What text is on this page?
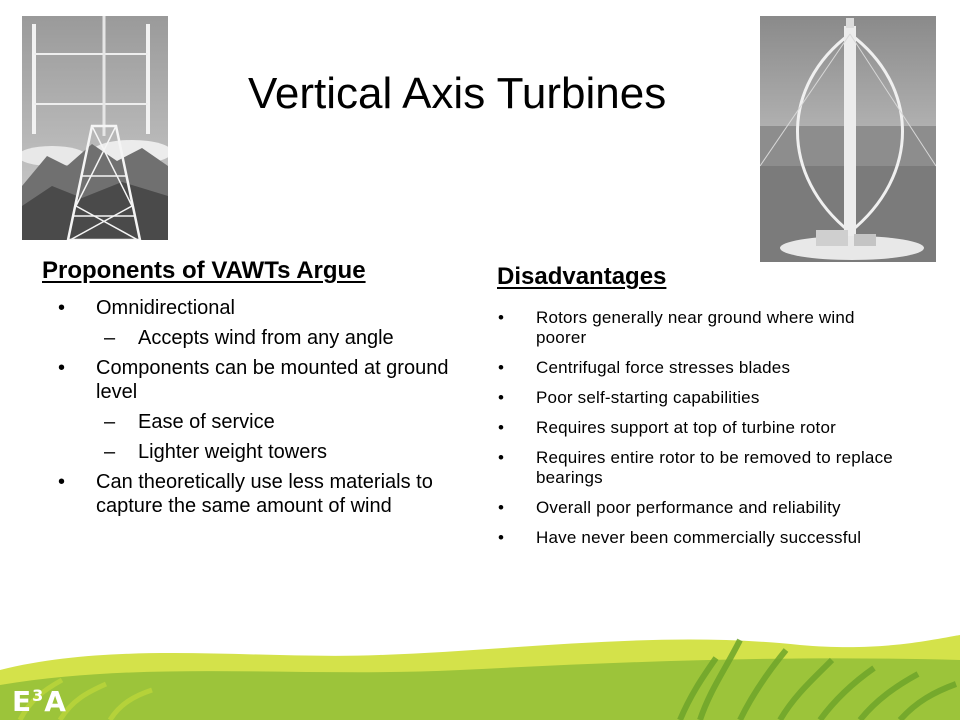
Vertical Axis Turbines
Proponents of VAWTs Argue
• Omnidirectional
– Accepts wind from any angle
• Components can be mounted at ground level
– Ease of service
– Lighter weight towers
• Can theoretically use less materials to capture the same amount of wind
Disadvantages
• Rotors generally near ground where wind poorer
• Centrifugal force stresses blades
• Poor self-starting capabilities
• Requires support at top of turbine rotor
• Requires entire rotor to be removed to replace bearings
• Overall poor performance and reliability
• Have never been commercially successful
$E^3A$
